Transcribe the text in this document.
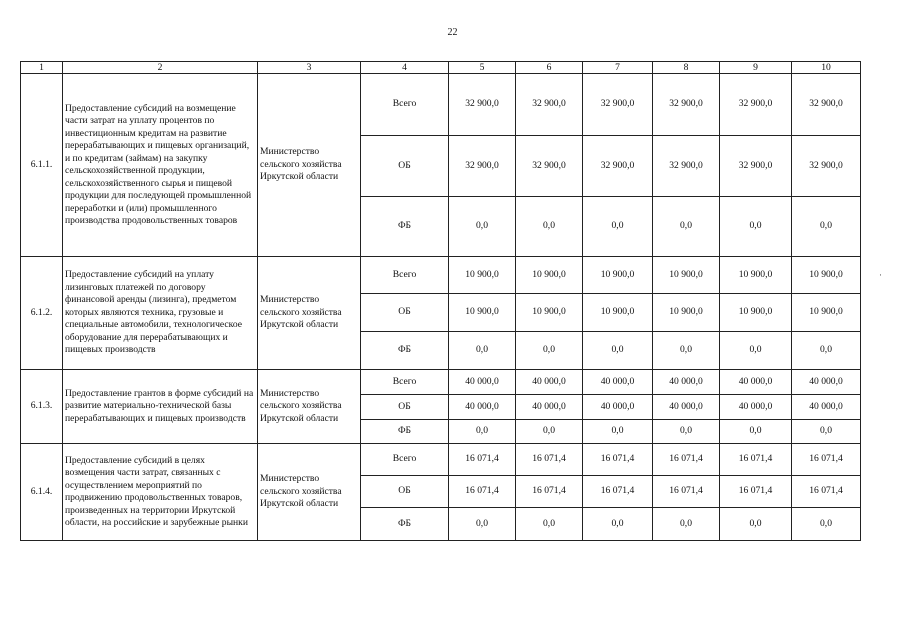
22
1	2	3	4	5	6	7	8	9	10
6.1.1.	Предоставление субсидий на возмещение части затрат на уплату процентов по инвестиционным кредитам на развитие перерабатывающих и пищевых организаций, и по кредитам (займам) на закупку сельскохозяйственной продукции, сельскохозяйственного сырья и пищевой продукции для последующей промышленной переработки и (или) промышленного производства продовольственных товаров	Министерство сельского хозяйства Иркутской области	Всего	32 900,0	32 900,0	32 900,0	32 900,0	32 900,0	32 900,0
			ОБ	32 900,0	32 900,0	32 900,0	32 900,0	32 900,0	32 900,0
			ФБ	0,0	0,0	0,0	0,0	0,0	0,0
6.1.2.	Предоставление субсидий на уплату лизинговых платежей по договору финансовой аренды (лизинга), предметом которых являются техника, грузовые и специальные автомобили, технологическое оборудование для перерабатывающих и пищевых производств	Министерство сельского хозяйства Иркутской области	Всего	10 900,0	10 900,0	10 900,0	10 900,0	10 900,0	10 900,0
			ОБ	10 900,0	10 900,0	10 900,0	10 900,0	10 900,0	10 900,0
			ФБ	0,0	0,0	0,0	0,0	0,0	0,0
6.1.3.	Предоставление грантов в форме субсидий на развитие материально-технической базы перерабатывающих и пищевых производств	Министерство сельского хозяйства Иркутской области	Всего	40 000,0	40 000,0	40 000,0	40 000,0	40 000,0	40 000,0
			ОБ	40 000,0	40 000,0	40 000,0	40 000,0	40 000,0	40 000,0
			ФБ	0,0	0,0	0,0	0,0	0,0	0,0
6.1.4.	Предоставление субсидий в целях возмещения части затрат, связанных с осуществлением мероприятий по продвижению продовольственных товаров, произведенных на территории Иркутской области, на российские и зарубежные рынки	Министерство сельского хозяйства Иркутской области	Всего	16 071,4	16 071,4	16 071,4	16 071,4	16 071,4	16 071,4
			ОБ	16 071,4	16 071,4	16 071,4	16 071,4	16 071,4	16 071,4
			ФБ	0,0	0,0	0,0	0,0	0,0	0,0
·
